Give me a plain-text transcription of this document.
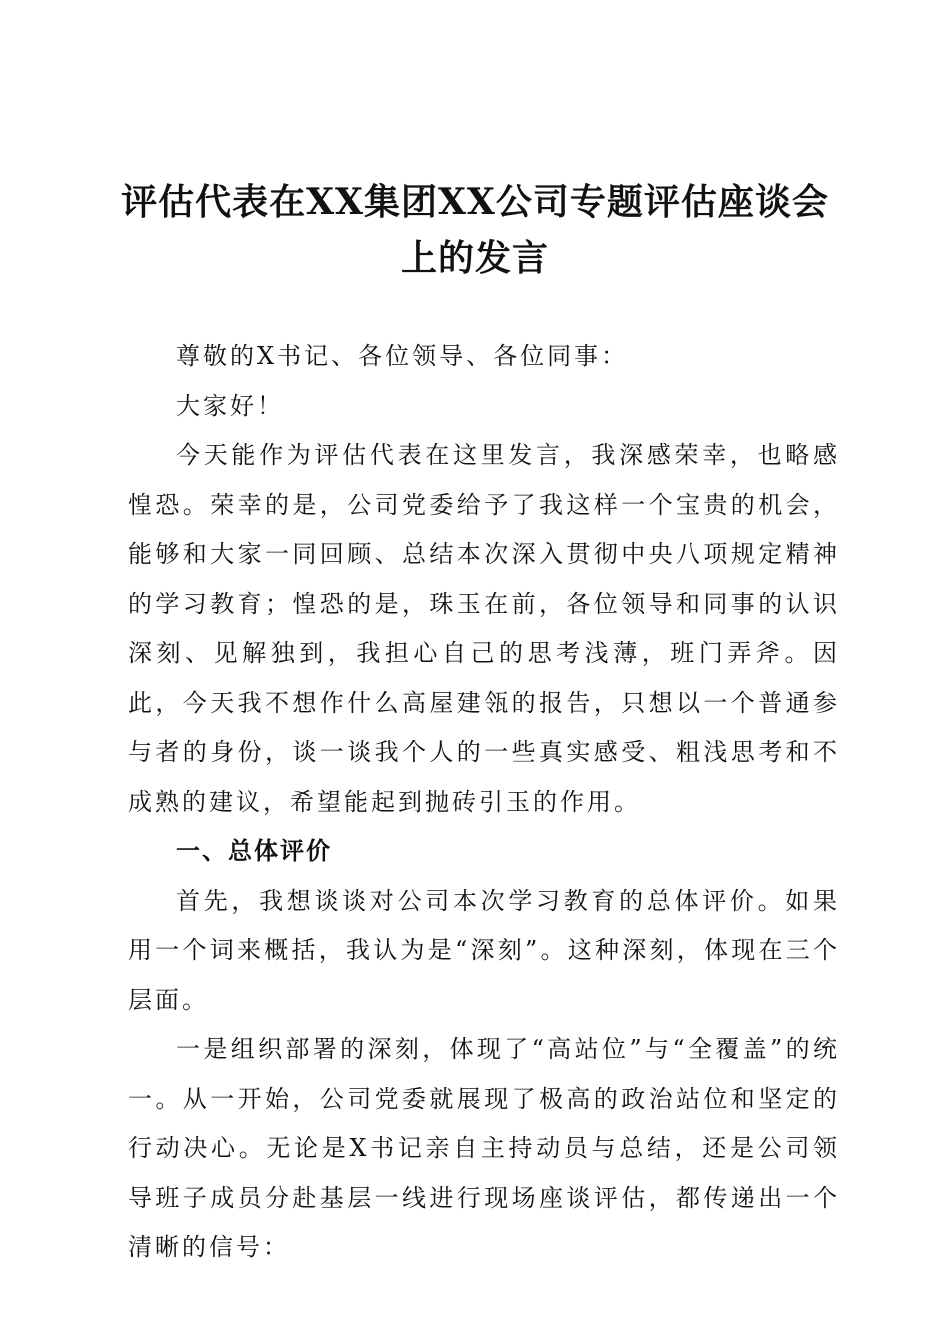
评估代表在XX集团XX公司专题评估座谈会
上的发言

尊敬的X书记、各位领导、各位同事：

大家好！

今天能作为评估代表在这里发言，我深感荣幸，也略感惶恐。荣幸的是，公司党委给予了我这样一个宝贵的机会，能够和大家一同回顾、总结本次深入贯彻中央八项规定精神的学习教育；惶恐的是，珠玉在前，各位领导和同事的认识深刻、见解独到，我担心自己的思考浅薄，班门弄斧。因此，今天我不想作什么高屋建瓴的报告，只想以一个普通参与者的身份，谈一谈我个人的一些真实感受、粗浅思考和不成熟的建议，希望能起到抛砖引玉的作用。

一、总体评价

首先，我想谈谈对公司本次学习教育的总体评价。如果用一个词来概括，我认为是“深刻”。这种深刻，体现在三个层面。

一是组织部署的深刻，体现了“高站位”与“全覆盖”的统一。从一开始，公司党委就展现了极高的政治站位和坚定的行动决心。无论是X书记亲自主持动员与总结，还是公司领导班子成员分赴基层一线进行现场座谈评估，都传递出一个清晰的信号：
